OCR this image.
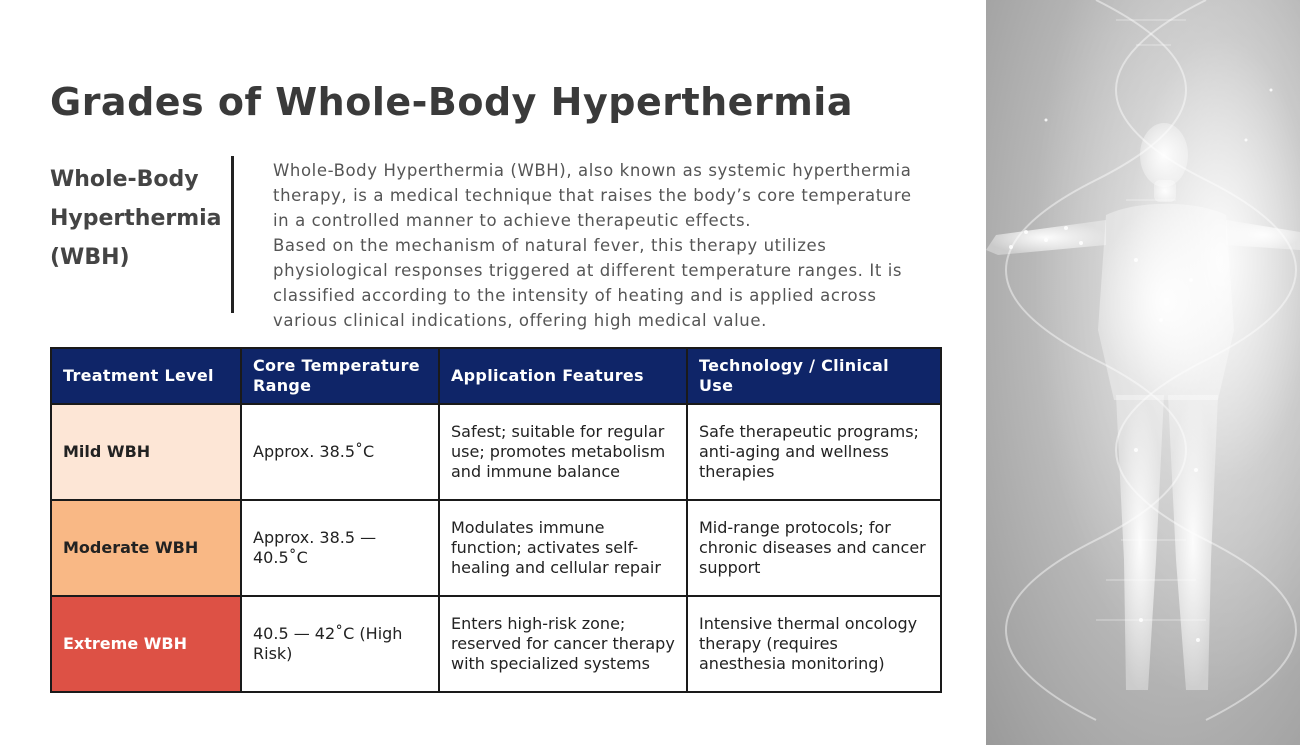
Grades of Whole-Body Hyperthermia
Whole-Body Hyperthermia (WBH)

Whole-Body Hyperthermia (WBH), also known as systemic hyperthermia therapy, is a medical technique that raises the body’s core temperature in a controlled manner to achieve therapeutic effects.

Based on the mechanism of natural fever, this therapy utilizes physiological responses triggered at different temperature ranges. It is classified according to the intensity of heating and is applied across various clinical indications, offering high medical value.

Treatment Level	Core Temperature Range	Application Features	Technology / Clinical Use
Mild WBH	Approx. 38.5˚C	Safest; suitable for regular use; promotes metabolism and immune balance	Safe therapeutic programs; anti-aging and wellness therapies
Moderate WBH	Approx. 38.5 — 40.5˚C	Modulates immune function; activates self-healing and cellular repair	Mid-range protocols; for chronic diseases and cancer support
Extreme WBH	40.5 — 42˚C (High Risk)	Enters high-risk zone; reserved for cancer therapy with specialized systems	Intensive thermal oncology therapy (requires anesthesia monitoring)
